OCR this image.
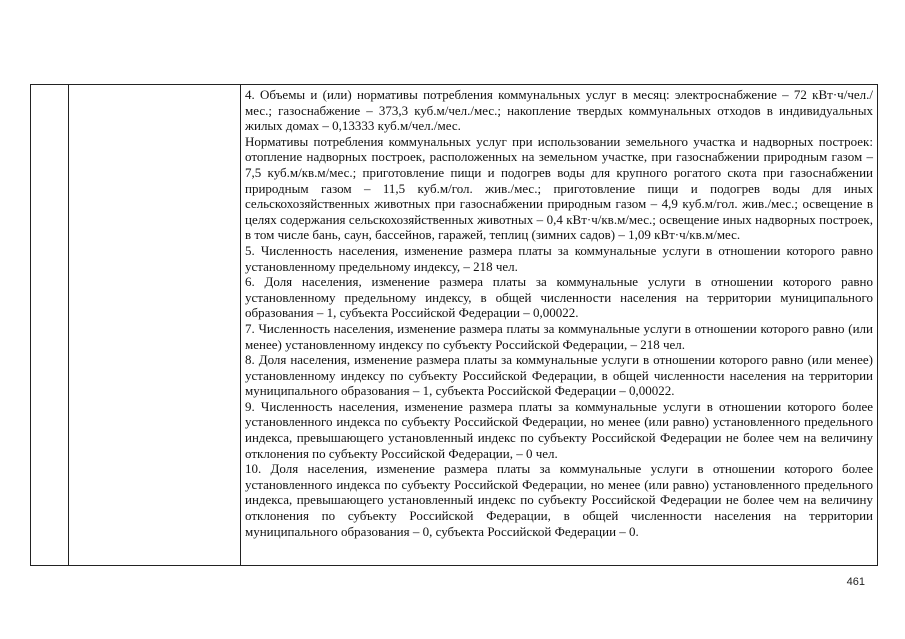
4. Объемы и (или) нормативы потребления коммунальных услуг в месяц: электроснабжение – 72 кВт·ч/чел./мес.; газоснабжение – 373,3 куб.м/чел./мес.; накопление твердых коммунальных отходов в индивидуальных жилых домах – 0,13333 куб.м/чел./мес.

Нормативы потребления коммунальных услуг при использовании земельного участка и надворных построек: отопление надворных построек, расположенных на земельном участке, при газоснабжении природным газом – 7,5 куб.м/кв.м/мес.; приготовление пищи и подогрев воды для крупного рогатого скота при газоснабжении природным газом – 11,5 куб.м/гол. жив./мес.; приготовление пищи и подогрев воды для иных сельскохозяйственных животных при газоснабжении природным газом – 4,9 куб.м/гол. жив./мес.; освещение в целях содержания сельскохозяйственных животных – 0,4 кВт·ч/кв.м/мес.; освещение иных надворных построек, в том числе бань, саун, бассейнов, гаражей, теплиц (зимних садов) – 1,09 кВт·ч/кв.м/мес.

5. Численность населения, изменение размера платы за коммунальные услуги в отношении которого равно установленному предельному индексу, – 218 чел.

6. Доля населения, изменение размера платы за коммунальные услуги в отношении которого равно установленному предельному индексу, в общей численности населения на территории муниципального образования – 1, субъекта Российской Федерации – 0,00022.

7. Численность населения, изменение размера платы за коммунальные услуги в отношении которого равно (или менее) установленному индексу по субъекту Российской Федерации, – 218 чел.

8. Доля населения, изменение размера платы за коммунальные услуги в отношении которого равно (или менее) установленному индексу по субъекту Российской Федерации, в общей численности населения на территории муниципального образования – 1, субъекта Российской Федерации – 0,00022.

9. Численность населения, изменение размера платы за коммунальные услуги в отношении которого более установленного индекса по субъекту Российской Федерации, но менее (или равно) установленного предельного индекса, превышающего установленный индекс по субъекту Российской Федерации не более чем на величину отклонения по субъекту Российской Федерации, – 0 чел.

10. Доля населения, изменение размера платы за коммунальные услуги в отношении которого более установленного индекса по субъекту Российской Федерации, но менее (или равно) установленного предельного индекса, превышающего установленный индекс по субъекту Российской Федерации не более чем на величину отклонения по субъекту Российской Федерации, в общей численности населения на территории муниципального образования – 0, субъекта Российской Федерации – 0.

461
